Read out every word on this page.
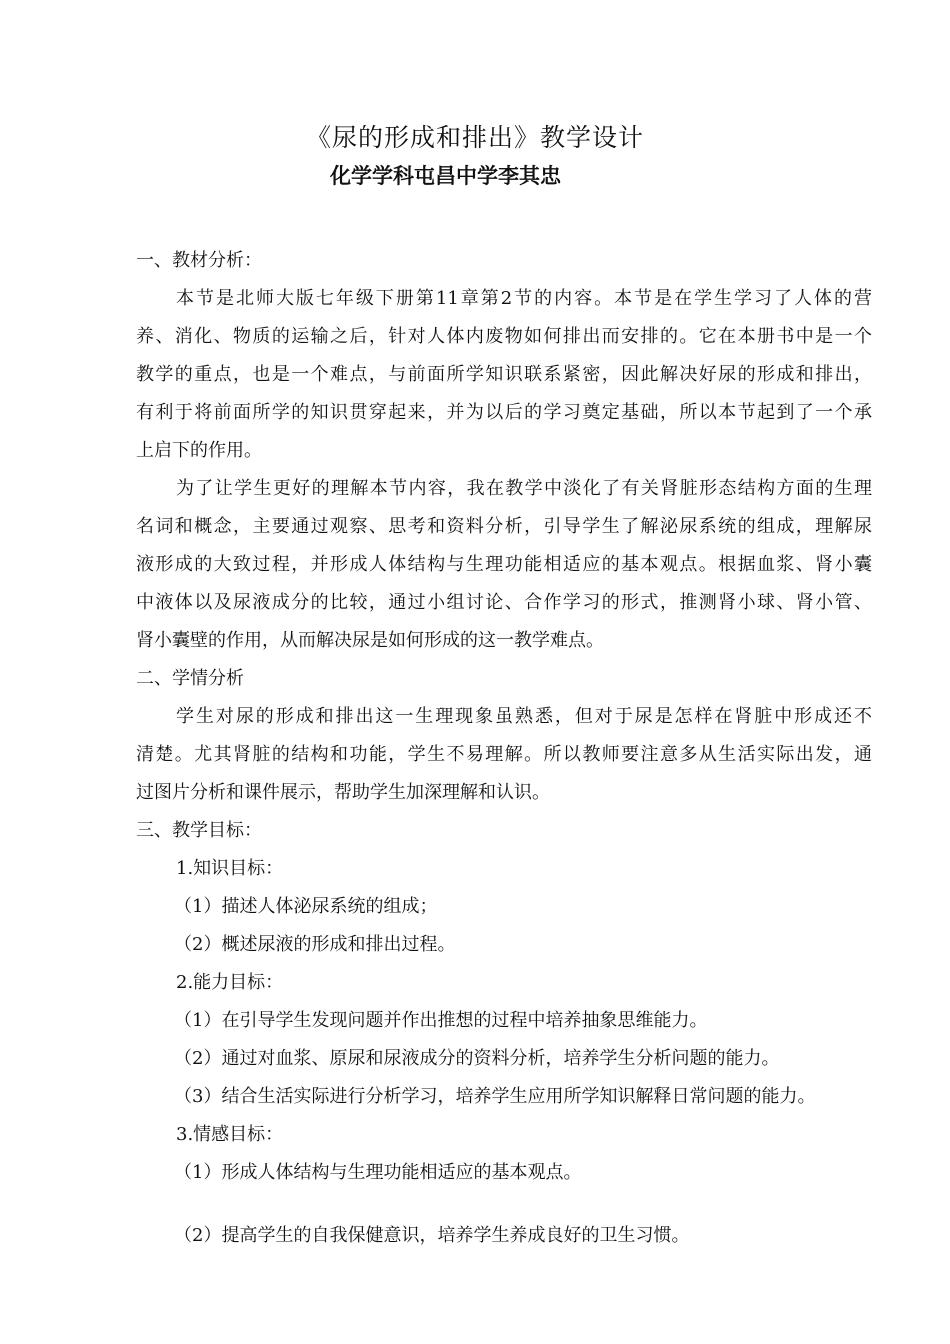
《尿的形成和排出》教学设计
化学学科屯昌中学李其忠
一、教材分析：
本节是北师大版七年级下册第11章第2节的内容。本节是在学生学习了人体的营
养、消化、物质的运输之后，针对人体内废物如何排出而安排的。它在本册书中是一个
教学的重点，也是一个难点，与前面所学知识联系紧密，因此解决好尿的形成和排出，
有利于将前面所学的知识贯穿起来，并为以后的学习奠定基础，所以本节起到了一个承
上启下的作用。
为了让学生更好的理解本节内容，我在教学中淡化了有关肾脏形态结构方面的生理
名词和概念，主要通过观察、思考和资料分析，引导学生了解泌尿系统的组成，理解尿
液形成的大致过程，并形成人体结构与生理功能相适应的基本观点。根据血浆、肾小囊
中液体以及尿液成分的比较，通过小组讨论、合作学习的形式，推测肾小球、肾小管、
肾小囊壁的作用，从而解决尿是如何形成的这一教学难点。
二、学情分析
学生对尿的形成和排出这一生理现象虽熟悉，但对于尿是怎样在肾脏中形成还不
清楚。尤其肾脏的结构和功能，学生不易理解。所以教师要注意多从生活实际出发，通
过图片分析和课件展示，帮助学生加深理解和认识。
三、教学目标：
1.知识目标：
（1）描述人体泌尿系统的组成；
（2）概述尿液的形成和排出过程。
2.能力目标：
（1）在引导学生发现问题并作出推想的过程中培养抽象思维能力。
（2）通过对血浆、原尿和尿液成分的资料分析，培养学生分析问题的能力。
（3）结合生活实际进行分析学习，培养学生应用所学知识解释日常问题的能力。
3.情感目标：
（1）形成人体结构与生理功能相适应的基本观点。
（2）提高学生的自我保健意识，培养学生养成良好的卫生习惯。
